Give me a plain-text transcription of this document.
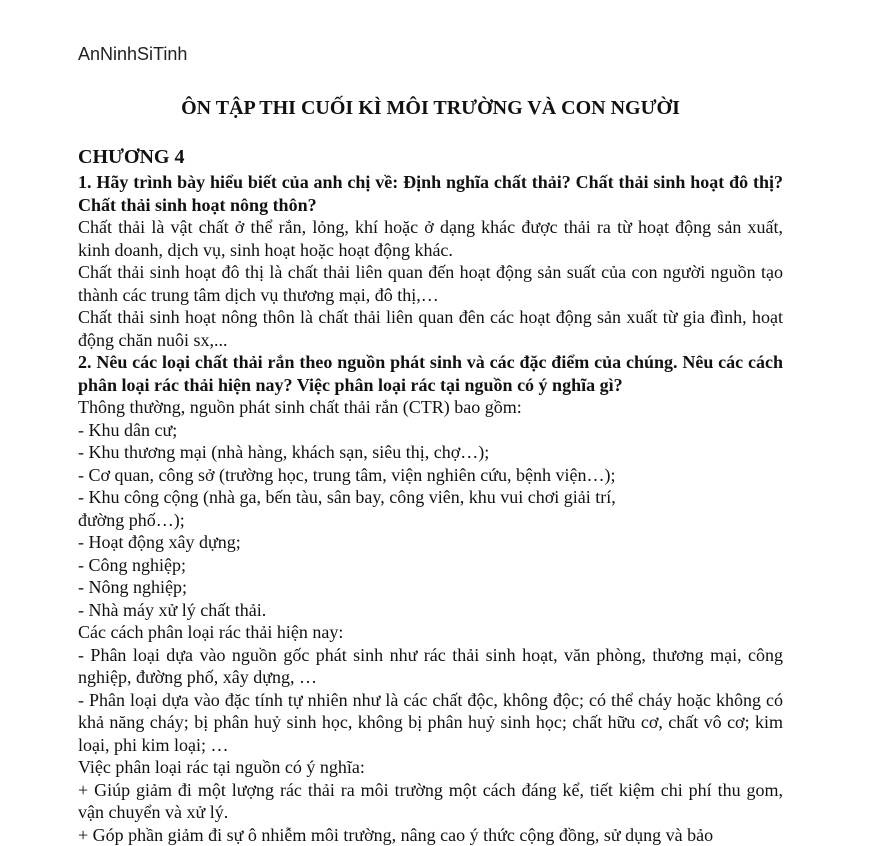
AnNinhSiTinh
ÔN TẬP THI CUỐI KÌ MÔI TRƯỜNG VÀ CON NGƯỜI
CHƯƠNG 4

1. Hãy trình bày hiểu biết của anh chị về: Định nghĩa chất thải? Chất thải sinh hoạt đô thị? Chất thải sinh hoạt nông thôn?

Chất thải là vật chất ở thể rắn, lỏng, khí hoặc ở dạng khác được thải ra từ hoạt động sản xuất, kinh doanh, dịch vụ, sinh hoạt hoặc hoạt động khác.

Chất thải sinh hoạt đô thị là chất thải liên quan đến hoạt động sản suất của con người nguồn tạo thành các trung tâm dịch vụ thương mại, đô thị,…

Chất thải sinh hoạt nông thôn là chất thải liên quan đên các hoạt động sản xuất từ gia đình, hoạt động chăn nuôi sx,...

2. Nêu các loại chất thải rắn theo nguồn phát sinh và các đặc điểm của chúng. Nêu các cách phân loại rác thải hiện nay? Việc phân loại rác tại nguồn có ý nghĩa gì?

Thông thường, nguồn phát sinh chất thải rắn (CTR) bao gồm:

- Khu dân cư;

- Khu thương mại (nhà hàng, khách sạn, siêu thị, chợ…);

- Cơ quan, công sở (trường học, trung tâm, viện nghiên cứu, bệnh viện…);

- Khu công cộng (nhà ga, bến tàu, sân bay, công viên, khu vui chơi giải trí,

đường phố…);

- Hoạt động xây dựng;

- Công nghiệp;

- Nông nghiệp;

- Nhà máy xử lý chất thải.

Các cách phân loại rác thải hiện nay:

- Phân loại dựa vào nguồn gốc phát sinh như rác thải sinh hoạt, văn phòng, thương mại, công nghiệp, đường phố, xây dựng, …

- Phân loại dựa vào đặc tính tự nhiên như là các chất độc, không độc; có thể cháy hoặc không có khả năng cháy; bị phân huỷ sinh học, không bị phân huỷ sinh học; chất hữu cơ, chất vô cơ; kim loại, phi kim loại; …

Việc phân loại rác tại nguồn có ý nghĩa:

+ Giúp giảm đi một lượng rác thải ra môi trường một cách đáng kể, tiết kiệm chi phí thu gom, vận chuyển và xử lý.

+ Góp phần giảm đi sự ô nhiễm môi trường, nâng cao ý thức cộng đồng, sử dụng và bảo
